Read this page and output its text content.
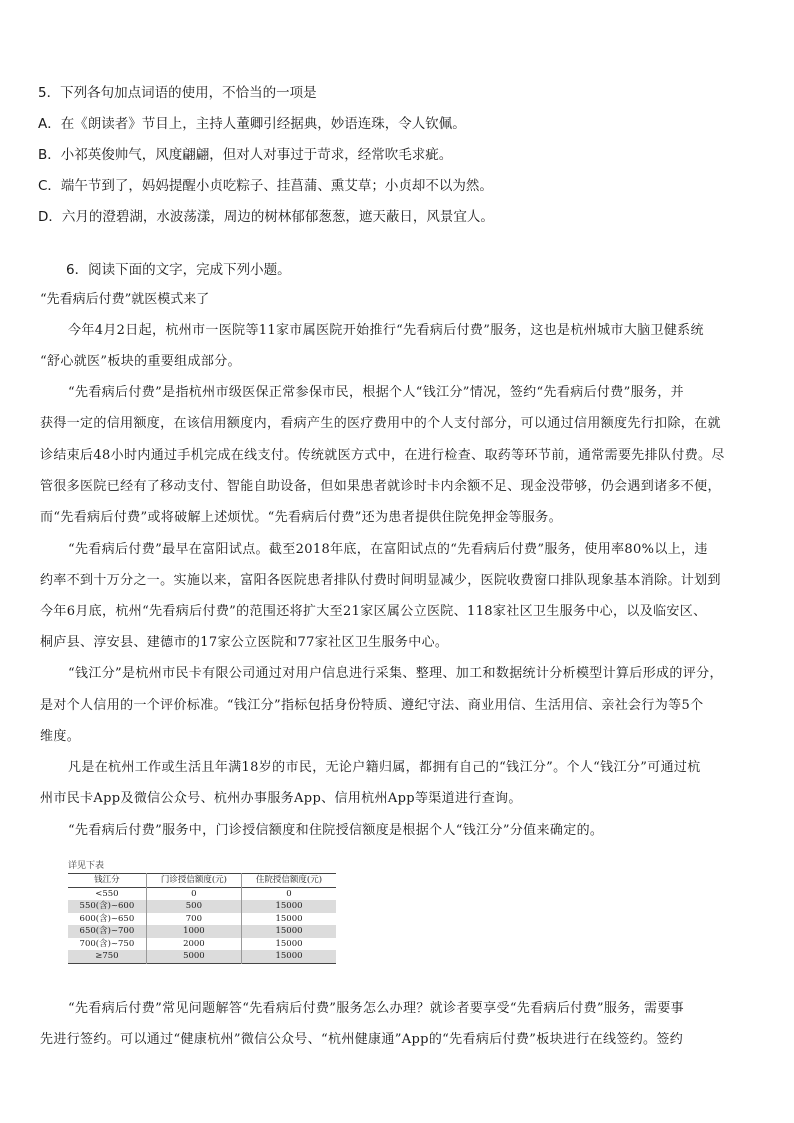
5．下列各句加点词语的使用，不恰当的一项是
A．在《朗读者》节目上，主持人董卿引经据典，妙语连珠，令人钦佩。
B．小祁英俊帅气，风度翩翩，但对人对事过于苛求，经常吹毛求疵。
C．端午节到了，妈妈提醒小贞吃粽子、挂菖蒲、熏艾草；小贞却不以为然。
D．六月的澄碧湖，水波荡漾，周边的树林郁郁葱葱，遮天蔽日，风景宜人。
6．阅读下面的文字，完成下列小题。
“先看病后付费”就医模式来了
今年4月2日起，杭州市一医院等11家市属医院开始推行“先看病后付费”服务，这也是杭州城市大脑卫健系统
“舒心就医”板块的重要组成部分。
“先看病后付费”是指杭州市级医保正常参保市民，根据个人“钱江分”情况，签约“先看病后付费”服务，并
获得一定的信用额度，在该信用额度内，看病产生的医疗费用中的个人支付部分，可以通过信用额度先行扣除，在就
诊结束后48小时内通过手机完成在线支付。传统就医方式中，在进行检查、取药等环节前，通常需要先排队付费。尽
管很多医院已经有了移动支付、智能自助设备，但如果患者就诊时卡内余额不足、现金没带够，仍会遇到诸多不便，
而“先看病后付费”或将破解上述烦忧。“先看病后付费”还为患者提供住院免押金等服务。
“先看病后付费”最早在富阳试点。截至2018年底，在富阳试点的“先看病后付费”服务，使用率80%以上，违
约率不到十万分之一。实施以来，富阳各医院患者排队付费时间明显减少，医院收费窗口排队现象基本消除。计划到
今年6月底，杭州“先看病后付费”的范围还将扩大至21家区属公立医院、118家社区卫生服务中心，以及临安区、
桐庐县、淳安县、建德市的17家公立医院和77家社区卫生服务中心。
“钱江分”是杭州市民卡有限公司通过对用户信息进行采集、整理、加工和数据统计分析模型计算后形成的评分，
是对个人信用的一个评价标准。“钱江分”指标包括身份特质、遵纪守法、商业用信、生活用信、亲社会行为等5个
维度。
凡是在杭州工作或生活且年满18岁的市民，无论户籍归属，都拥有自己的“钱江分”。个人“钱江分”可通过杭
州市民卡App及微信公众号、杭州办事服务App、信用杭州App等渠道进行查询。
“先看病后付费”服务中，门诊授信额度和住院授信额度是根据个人“钱江分”分值来确定的。
详见下表
钱江分	门诊授信额度(元)	住院授信额度(元)
<550	0	0
550(含)~600	500	15000
600(含)~650	700	15000
650(含)~700	1000	15000
700(含)~750	2000	15000
≥750	5000	15000
“先看病后付费”常见问题解答“先看病后付费”服务怎么办理？就诊者要享受“先看病后付费”服务，需要事
先进行签约。可以通过“健康杭州”微信公众号、“杭州健康通”App的“先看病后付费”板块进行在线签约。签约
